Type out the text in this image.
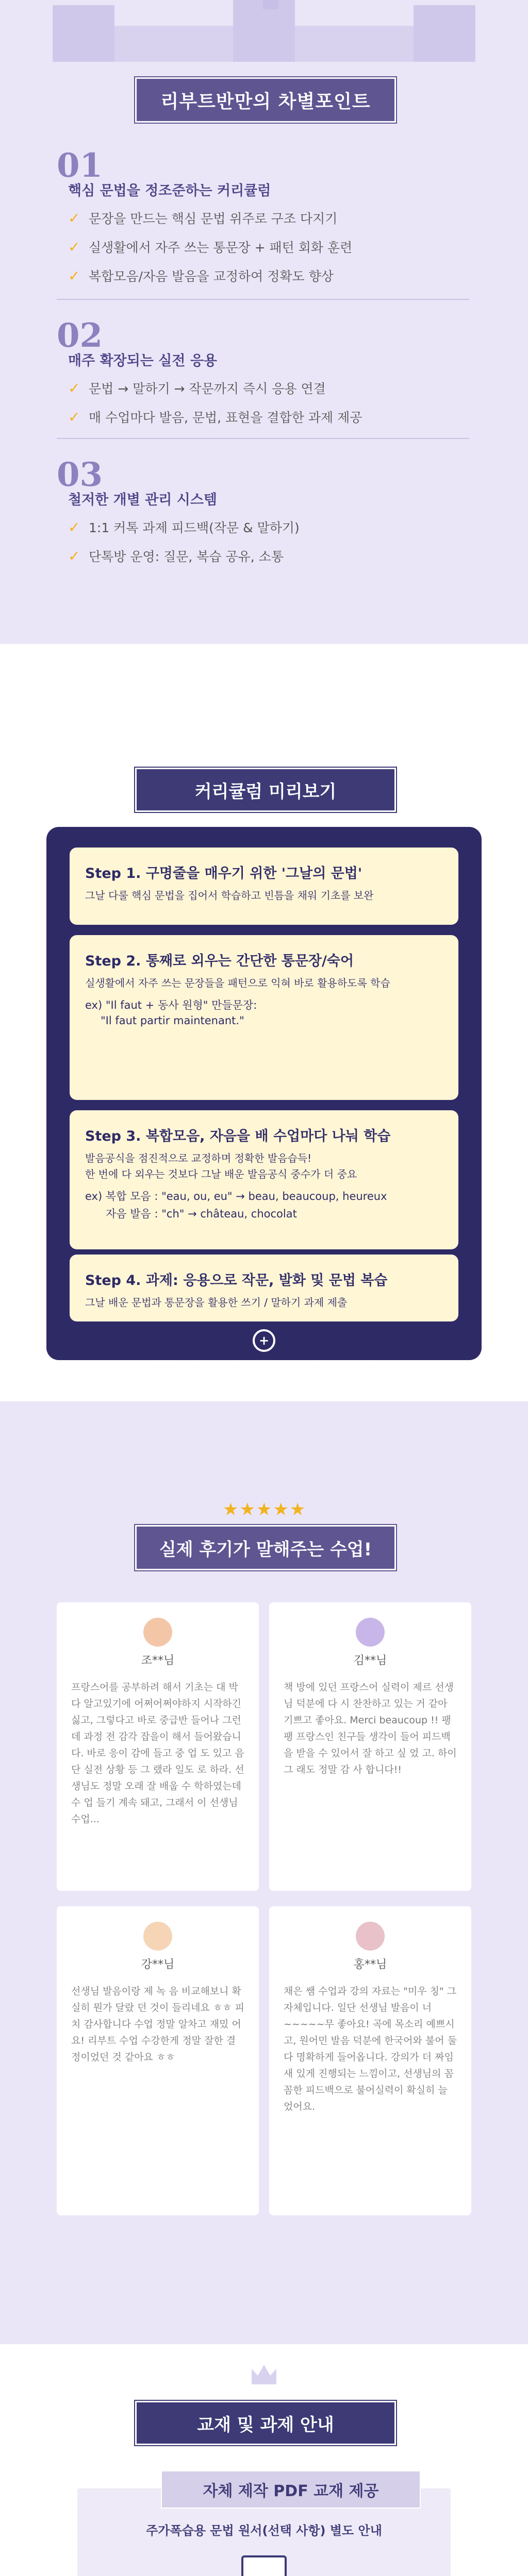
리부트반만의 차별포인트
01
핵심 문법을 정조준하는 커리큘럼
✓ 문장을 만드는 핵심 문법 위주로 구조 다지기
✓ 실생활에서 자주 쓰는 통문장 + 패턴 회화 훈련
✓ 복합모음/자음 발음을 교정하여 정확도 향상
02
매주 확장되는 실전 응용
✓ 문법 → 말하기 → 작문까지 즉시 응용 연결
✓ 매 수업마다 발음, 문법, 표현을 결합한 과제 제공
03
철저한 개별 관리 시스템
✓ 1:1 커톡 과제 피드백(작문 & 말하기)
✓ 단톡방 운영: 질문, 복습 공유, 소통
커리큘럼 미리보기
Step 1. 구명줄을 매우기 위한 '그날의 문법'
그날 다룰 핵심 문법을 집어서 학습하고 빈틈을 채워 기초를 보완
Step 2. 통째로 외우는 간단한 통문장/숙어
실생활에서 자주 쓰는 문장들을 패턴으로 익혀 바로 활용하도록 학습
ex) "Il faut + 동사 원형" 만들문장:
"Il faut partir maintenant."
Step 3. 복합모음, 자음을 배 수업마다 나눠 학습
발음공식을 점진적으로 교정하며 정확한 발음습득!
한 번에 다 외우는 것보다 그날 배운 발음공식 중수가 더 중요
ex) 복합 모음 : "eau, ou, eu" → beau, beaucoup, heureux
자음 발음 : "ch" → château, chocolat
Step 4. 과제: 응용으로 작문, 발화 및 문법 복습
그날 배운 문법과 통문장을 활용한 쓰기 / 말하기 과제 제출
+
자세한 목차는 수강 신청 후 확인하실 수 있습니다.
★★★★★
실제 후기가 말해주는 수업!
조**님
프랑스어를 공부하려 해서 기초는 대 박 다 알고있기에 어쩌어쩌야하지 시작하긴 싫고, 그렇다고 바로 중급반 들어나 그런 데 과정 전 감각 잡을이 해서 들어왔습니다. 바로 응이 감에 들고 중 업 도 있고 음 단 실전 상황 등 그 랬라 일도 로 하라. 선생님도 정말 오래 잘 배웁 수 학하였는데 수 업 들기 계속 돼고, 그래서 이 선생님 수업...
김**님
책 방에 있던 프랑스어 실력이 제르 선생님 덕분에 다 시 찬찬하고 있는 거 같아 기쁘고 좋아요. Merci beaucoup !! 팽팽 프랑스인 친구들 생각이 들어 피드백을 받을 수 있어서 잘 하고 싶 었 고. 하이 그 래도 정말 감 사 합니다!!
강**님
선생님 발음이랑 제 녹 음 비교해보니 확실히 뭔가 달랐 던 것이 들리네요 ㅎㅎ 피치 감사합니다 수업 정말 알차고 재밌 어요! 리부트 수업 수강한게 정말 잘한 결정이었던 것 같아요 ㅎㅎ
홍**님
채은 쌤 수업과 강의 자료는 "미우 칭" 그 자체입니다. 일단 선생님 발음이 너~~~~~무 좋아요! 곡에 목소리 예쁘시고, 원어민 발음 덕분에 한국어와 불어 둘 다 명확하게 들어옵니다. 강의가 더 짜임새 있게 진행되는 느낌이고, 선생님의 꼼꼼한 피드백으로 불어실력이 확실히 늘었어요.
교재 및 과제 안내
자체 제작 PDF 교재 제공
주가폭습용 문법 원서(선택 사항) 별도 안내
